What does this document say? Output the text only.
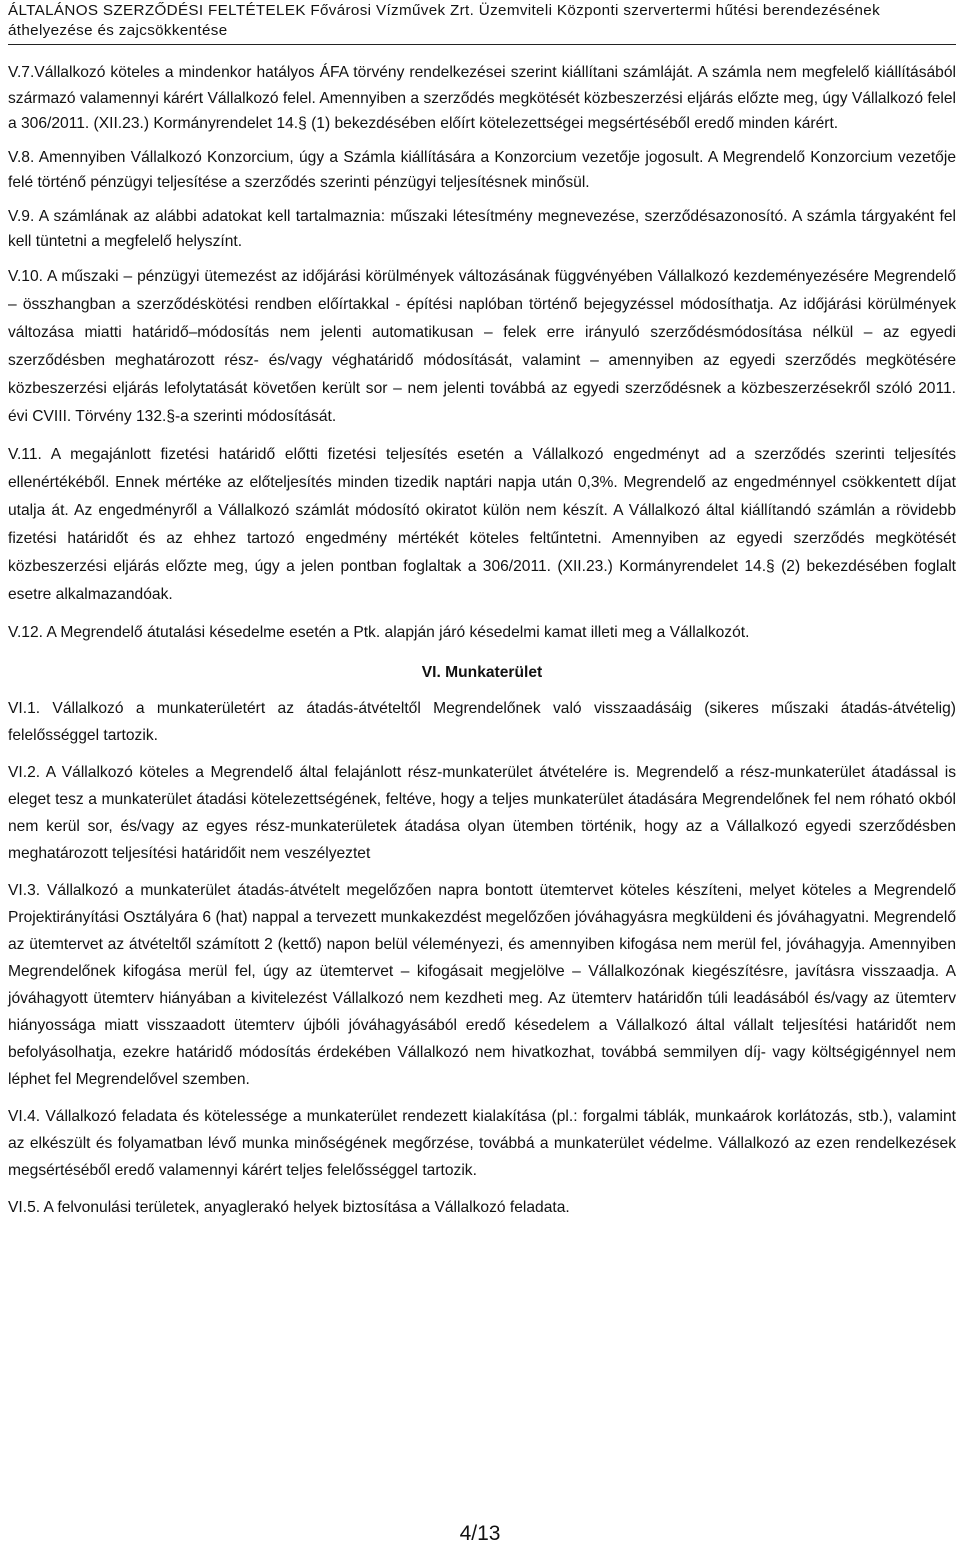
ÁLTALÁNOS SZERZŐDÉSI FELTÉTELEK Fővárosi Vízművek Zrt. Üzemviteli Központi szervertermi hűtési berendezésének áthelyezése és zajcsökkentése

V.7.Vállalkozó köteles a mindenkor hatályos ÁFA törvény rendelkezései szerint kiállítani számláját. A számla nem megfelelő kiállításából származó valamennyi kárért Vállalkozó felel. Amennyiben a szerződés megkötését közbeszerzési eljárás előzte meg, úgy Vállalkozó felel a 306/2011. (XII.23.) Kormányrendelet 14.§ (1) bekezdésében előírt kötelezettségei megsértéséből eredő minden kárért.

V.8. Amennyiben Vállalkozó Konzorcium, úgy a Számla kiállítására a Konzorcium vezetője jogosult. A Megrendelő Konzorcium vezetője felé történő pénzügyi teljesítése a szerződés szerinti pénzügyi teljesítésnek minősül.

V.9. A számlának az alábbi adatokat kell tartalmaznia: műszaki létesítmény megnevezése, szerződésazonosító. A számla tárgyaként fel kell tüntetni a megfelelő helyszínt.

V.10. A műszaki – pénzügyi ütemezést az időjárási körülmények változásának függvényében Vállalkozó kezdeményezésére Megrendelő – összhangban a szerződéskötési rendben előírtakkal - építési naplóban történő bejegyzéssel módosíthatja. Az időjárási körülmények változása miatti határidő–módosítás nem jelenti automatikusan – felek erre irányuló szerződésmódosítása nélkül – az egyedi szerződésben meghatározott rész- és/vagy véghatáridő módosítását, valamint – amennyiben az egyedi szerződés megkötésére közbeszerzési eljárás lefolytatását követően került sor – nem jelenti továbbá az egyedi szerződésnek a közbeszerzésekről szóló 2011. évi CVIII. Törvény 132.§-a szerinti módosítását.

V.11. A megajánlott fizetési határidő előtti fizetési teljesítés esetén a Vállalkozó engedményt ad a szerződés szerinti teljesítés ellenértékéből. Ennek mértéke az előteljesítés minden tizedik naptári napja után 0,3%. Megrendelő az engedménnyel csökkentett díjat utalja át. Az engedményről a Vállalkozó számlát módosító okiratot külön nem készít. A Vállalkozó által kiállítandó számlán a rövidebb fizetési határidőt és az ehhez tartozó engedmény mértékét köteles feltűntetni. Amennyiben az egyedi szerződés megkötését közbeszerzési eljárás előzte meg, úgy a jelen pontban foglaltak a 306/2011. (XII.23.) Kormányrendelet 14.§ (2) bekezdésében foglalt esetre alkalmazandóak.

V.12. A Megrendelő átutalási késedelme esetén a Ptk. alapján járó késedelmi kamat illeti meg a Vállalkozót.

VI. Munkaterület

VI.1. Vállalkozó a munkaterületért az átadás-átvételtől Megrendelőnek való visszaadásáig (sikeres műszaki átadás-átvételig) felelősséggel tartozik.

VI.2. A Vállalkozó köteles a Megrendelő által felajánlott rész-munkaterület átvételére is. Megrendelő a rész-munkaterület átadással is eleget tesz a munkaterület átadási kötelezettségének, feltéve, hogy a teljes munkaterület átadására Megrendelőnek fel nem róható okból nem kerül sor, és/vagy az egyes rész-munkaterületek átadása olyan ütemben történik, hogy az a Vállalkozó egyedi szerződésben meghatározott teljesítési határidőit nem veszélyeztet

VI.3. Vállalkozó a munkaterület átadás-átvételt megelőzően napra bontott ütemtervet köteles készíteni, melyet köteles a Megrendelő Projektirányítási Osztályára 6 (hat) nappal a tervezett munkakezdést megelőzően jóváhagyásra megküldeni és jóváhagyatni. Megrendelő az ütemtervet az átvételtől számított 2 (kettő) napon belül véleményezi, és amennyiben kifogása nem merül fel, jóváhagyja. Amennyiben Megrendelőnek kifogása merül fel, úgy az ütemtervet – kifogásait megjelölve – Vállalkozónak kiegészítésre, javításra visszaadja. A jóváhagyott ütemterv hiányában a kivitelezést Vállalkozó nem kezdheti meg. Az ütemterv határidőn túli leadásából és/vagy az ütemterv hiányossága miatt visszaadott ütemterv újbóli jóváhagyásából eredő késedelem a Vállalkozó által vállalt teljesítési határidőt nem befolyásolhatja, ezekre határidő módosítás érdekében Vállalkozó nem hivatkozhat, továbbá semmilyen díj- vagy költségigénnyel nem léphet fel Megrendelővel szemben.

VI.4. Vállalkozó feladata és kötelessége a munkaterület rendezett kialakítása (pl.: forgalmi táblák, munkaárok korlátozás, stb.), valamint az elkészült és folyamatban lévő munka minőségének megőrzése, továbbá a munkaterület védelme. Vállalkozó az ezen rendelkezések megsértéséből eredő valamennyi kárért teljes felelősséggel tartozik.

VI.5. A felvonulási területek, anyaglerakó helyek biztosítása a Vállalkozó feladata.

4/13
